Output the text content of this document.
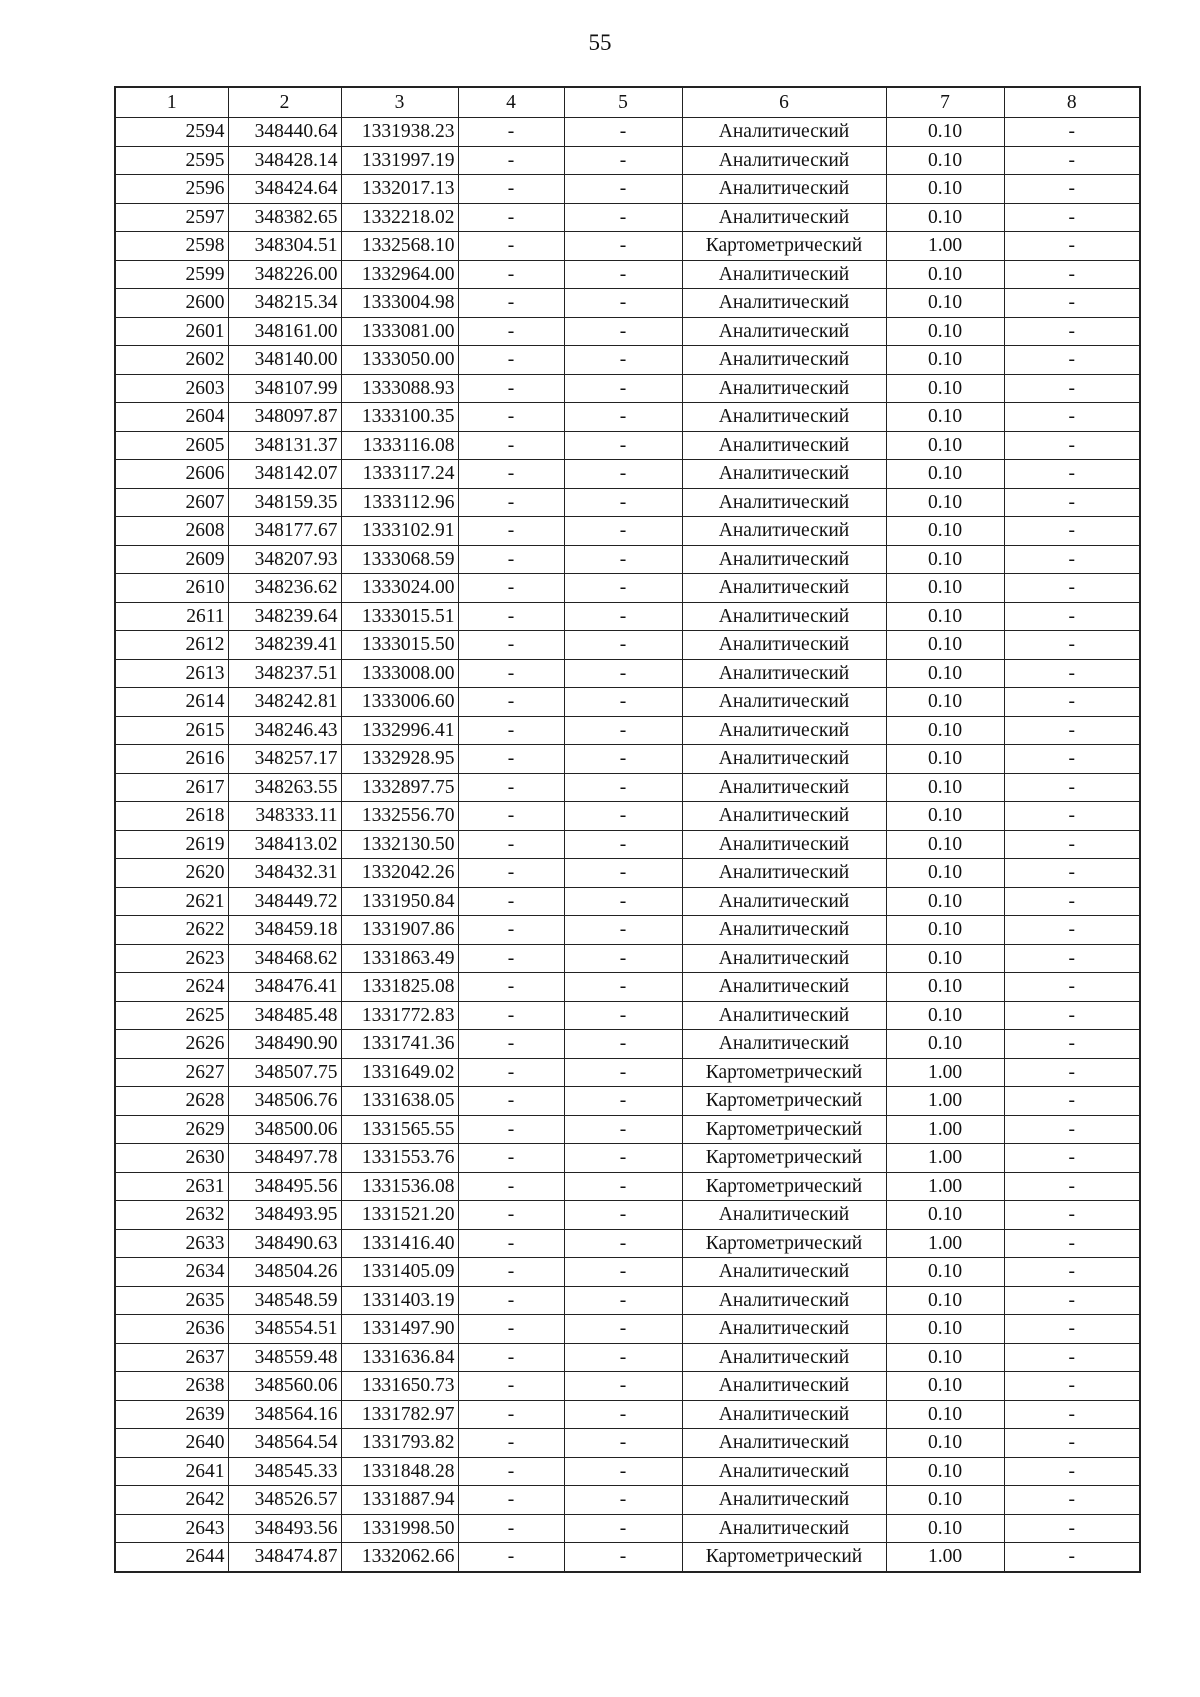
55
1	2	3	4	5	6	7	8
2594	348440.64	1331938.23	-	-	Аналитический	0.10	-
2595	348428.14	1331997.19	-	-	Аналитический	0.10	-
2596	348424.64	1332017.13	-	-	Аналитический	0.10	-
2597	348382.65	1332218.02	-	-	Аналитический	0.10	-
2598	348304.51	1332568.10	-	-	Картометрический	1.00	-
2599	348226.00	1332964.00	-	-	Аналитический	0.10	-
2600	348215.34	1333004.98	-	-	Аналитический	0.10	-
2601	348161.00	1333081.00	-	-	Аналитический	0.10	-
2602	348140.00	1333050.00	-	-	Аналитический	0.10	-
2603	348107.99	1333088.93	-	-	Аналитический	0.10	-
2604	348097.87	1333100.35	-	-	Аналитический	0.10	-
2605	348131.37	1333116.08	-	-	Аналитический	0.10	-
2606	348142.07	1333117.24	-	-	Аналитический	0.10	-
2607	348159.35	1333112.96	-	-	Аналитический	0.10	-
2608	348177.67	1333102.91	-	-	Аналитический	0.10	-
2609	348207.93	1333068.59	-	-	Аналитический	0.10	-
2610	348236.62	1333024.00	-	-	Аналитический	0.10	-
2611	348239.64	1333015.51	-	-	Аналитический	0.10	-
2612	348239.41	1333015.50	-	-	Аналитический	0.10	-
2613	348237.51	1333008.00	-	-	Аналитический	0.10	-
2614	348242.81	1333006.60	-	-	Аналитический	0.10	-
2615	348246.43	1332996.41	-	-	Аналитический	0.10	-
2616	348257.17	1332928.95	-	-	Аналитический	0.10	-
2617	348263.55	1332897.75	-	-	Аналитический	0.10	-
2618	348333.11	1332556.70	-	-	Аналитический	0.10	-
2619	348413.02	1332130.50	-	-	Аналитический	0.10	-
2620	348432.31	1332042.26	-	-	Аналитический	0.10	-
2621	348449.72	1331950.84	-	-	Аналитический	0.10	-
2622	348459.18	1331907.86	-	-	Аналитический	0.10	-
2623	348468.62	1331863.49	-	-	Аналитический	0.10	-
2624	348476.41	1331825.08	-	-	Аналитический	0.10	-
2625	348485.48	1331772.83	-	-	Аналитический	0.10	-
2626	348490.90	1331741.36	-	-	Аналитический	0.10	-
2627	348507.75	1331649.02	-	-	Картометрический	1.00	-
2628	348506.76	1331638.05	-	-	Картометрический	1.00	-
2629	348500.06	1331565.55	-	-	Картометрический	1.00	-
2630	348497.78	1331553.76	-	-	Картометрический	1.00	-
2631	348495.56	1331536.08	-	-	Картометрический	1.00	-
2632	348493.95	1331521.20	-	-	Аналитический	0.10	-
2633	348490.63	1331416.40	-	-	Картометрический	1.00	-
2634	348504.26	1331405.09	-	-	Аналитический	0.10	-
2635	348548.59	1331403.19	-	-	Аналитический	0.10	-
2636	348554.51	1331497.90	-	-	Аналитический	0.10	-
2637	348559.48	1331636.84	-	-	Аналитический	0.10	-
2638	348560.06	1331650.73	-	-	Аналитический	0.10	-
2639	348564.16	1331782.97	-	-	Аналитический	0.10	-
2640	348564.54	1331793.82	-	-	Аналитический	0.10	-
2641	348545.33	1331848.28	-	-	Аналитический	0.10	-
2642	348526.57	1331887.94	-	-	Аналитический	0.10	-
2643	348493.56	1331998.50	-	-	Аналитический	0.10	-
2644	348474.87	1332062.66	-	-	Картометрический	1.00	-
